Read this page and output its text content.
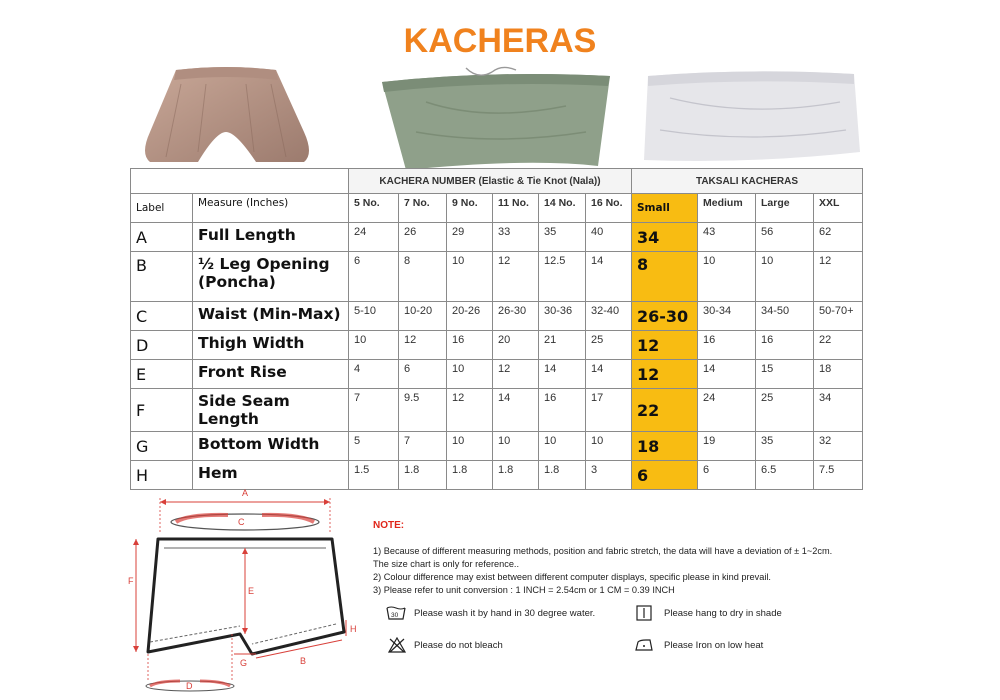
KACHERAS
		KACHERA NUMBER (Elastic & Tie Knot (Nala))						TAKSALI KACHERAS			
Label	Measure (Inches)	5 No.	7 No.	9 No.	11 No.	14 No.	16 No.	Small	Medium	Large	XXL
A	Full Length	24	26	29	33	35	40	34	43	56	62
B	½ Leg Opening (Poncha)	6	8	10	12	12.5	14	8	10	10	12
C	Waist (Min-Max)	5-10	10-20	20-26	26-30	30-36	32-40	26-30	30-34	34-50	50-70+
D	Thigh Width	10	12	16	20	21	25	12	16	16	22
E	Front Rise	4	6	10	12	14	14	12	14	15	18
F	Side Seam Length	7	9.5	12	14	16	17	22	24	25	34
G	Bottom Width	5	7	10	10	10	10	18	19	35	32
H	Hem	1.5	1.8	1.8	1.8	1.8	3	6	6	6.5	7.5
A
C
E
F
H
G	B
D
NOTE:
1) Because of different measuring methods, position and fabric stretch, the data will have a deviation of ± 1~2cm.
The size chart is only for reference..
2) Colour difference may exist between different computer displays, specific please in kind prevail.
3) Please refer to unit conversion : 1 INCH = 2.54cm or 1 CM = 0.39 INCH
30 Please wash it by hand in 30 degree water.	Please hang to dry in shade
Please do not bleach	Please Iron on low heat
